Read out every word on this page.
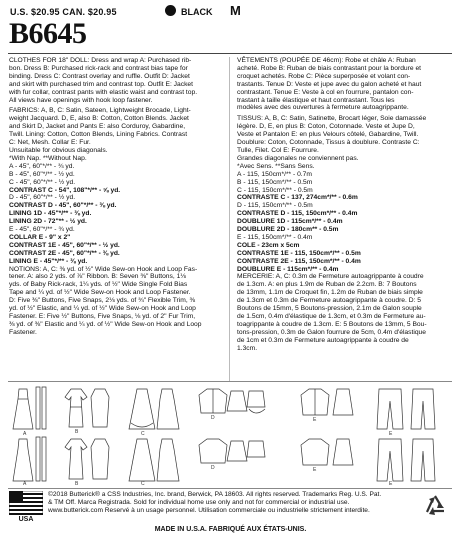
U.S. $20.95 CAN. $20.95	BLACK M
B6645
CLOTHES FOR 18" DOLL: Dress and wrap A: Purchased rib-
bon. Dress B: Purchased rick-rack and contrast bias tape for
binding. Dress C: Contrast overlay and ruffle. Outfit D: Jacket
and skirt with purchased trim and contrast top. Outfit E: Jacket
with fur collar, contrast pants with elastic waist and contrast top.
All views have openings with hook loop fastener.
FABRICS: A, B, C: Satin, Sateen, Lightweight Brocade, Light-
weight Jacquard. D, E, also B: Cotton, Cotton Blends. Jacket
and Skirt D, Jacket and Pants E: also Corduroy, Gabardine,
Twill. Lining: Cotton, Cotton Blends, Lining Fabrics. Contrast
C: Net, Mesh. Collar E: Fur.
Unsuitable for obvious diagonals.
*With Nap. **Without Nap.
A - 45", 60"*/** - ¾ yd.
B - 45", 60"*/** - ½ yd.
C - 45", 60"*/** - ½ yd.
CONTRAST C - 54", 108"*/** - ⅝ yd.
D - 45", 60"*/** - ½ yd.
CONTRAST D - 45", 60"*/** - ⅜ yd.
LINING 1D - 45"*/** - ⅜ yd.
LINING 2D - 72"** - ½ yd.
E - 45", 60"*/** - ¾ yd.
COLLAR E - 9" x 2"
CONTRAST 1E - 45", 60"*/** - ½ yd.
CONTRAST 2E - 45", 60"*/** - ⅜ yd.
LINING E - 45"*/** - ⅜ yd.
NOTIONS: A, C: ⅜ yd. of ½" Wide Sew-on Hook and Loop Fas-
tener. A: also 2 yds. of ⅞" Ribbon. B: Seven ⅜" Buttons, 1⅛
yds. of Baby Rick-rack, 1¼ yds. of ½" Wide Single Fold Bias
Tape and ¼ yd. of ½" Wide Sew-on Hook and Loop Fastener.
D: Five ⅜" Buttons, Five Snaps, 2⅛ yds. of ¾" Flexible Trim, ⅜
yd. of ½" Elastic, and ¼ yd. of ½" Wide Sew-on Hook and Loop
Fastener. E: Five ½" Buttons, Five Snaps, ⅛ yd. of 2" Fur Trim,
⅜ yd. of ⅜" Elastic and ¼ yd. of ½" Wide Sew-on Hook and Loop
Fastener.
VÊTEMENTS (POUPÉE DE 46cm): Robe et châle A: Ruban
acheté. Robe B: Ruban de biais contrastant pour la bordure et
croquet achetés. Robe C: Pièce superposée et volant con-
trastants. Tenue D: Veste et jupe avec du galon acheté et haut
contrastant. Tenue E: Veste à col en fourrure, pantalon con-
trastant à taille élastique et haut contrastant. Tous les
modèles avec des ouvertures à fermeture autoagrippante.
TISSUS: A, B, C: Satin, Satinette, Brocart léger, Soie damassée
légère. D, E, en plus B: Coton, Cotonnade. Veste et Jupe D,
Veste et Pantalon E: en plus Velours côtelé, Gabardine, Twill.
Doublure: Coton, Cotonnade, Tissus à doublure. Contraste C:
Tulle, Filet. Col E: Fourrure.
Grandes diagonales ne conviennent pas.
*Avec Sens. **Sans Sens.
A - 115, 150cm*/** - 0.7m
B - 115, 150cm*/** - 0.5m
C - 115, 150cm*/** - 0.5m
CONTRASTE C - 137, 274cm*/** - 0.6m
D - 115, 150cm*/** - 0.5m
CONTRASTE D - 115, 150cm*/** - 0.4m
DOUBLURE 1D - 115cm*/** - 0.4m
DOUBLURE 2D - 180cm** - 0.5m
E - 115, 150cm*/** - 0.4m
COLE - 23cm x 5cm
CONTRASTE 1E - 115, 150cm*/** - 0.5m
CONTRASTE 2E - 115, 150cm*/** - 0.4m
DOUBLURE E - 115cm*/** - 0.4m
MERCERIE: A, C: 0.3m de Fermeture autoagrippante à coudre
de 1.3cm. A: en plus 1.9m de Ruban de 2.2cm. B: 7 Boutons
de 13mm, 1.1m de Croquet fin, 1.2m de Ruban de biais simple
de 1.3cm et 0.3m de Fermeture autoagrippante à coudre. D: 5
Boutons de 15mm, 5 Boutons-pression, 2.1m de Galon souple
de 1.5cm, 0.4m d'élastique de 1.3cm, et 0.3m de Fermeture au-
toagrippante à coudre de 1.3cm. E: 5 Boutons de 13mm, 5 Bou-
tons-pression, 0.3m de Galon fourrure de 5cm, 0.4m d'élastique
de 1cm et 0.3m de Fermeture autoagrippante à coudre de
1.3cm.
A	B	C
D	E
E
A	B	C
D	E
E
USA
©2018 Butterick® a CSS Industries, Inc. brand, Berwick, PA 18603. All rights reserved. Trademarks Reg. U.S. Pat.
& TM Off. Marca Registrada. Sold for individual home use only and not for commercial or industrial use.
www.butterick.com Reservé à un usage personnel. Utilisation commerciale ou industrielle strictement interdite.
MADE IN U.S.A. FABRIQUÉ AUX ÉTATS-UNIS.
